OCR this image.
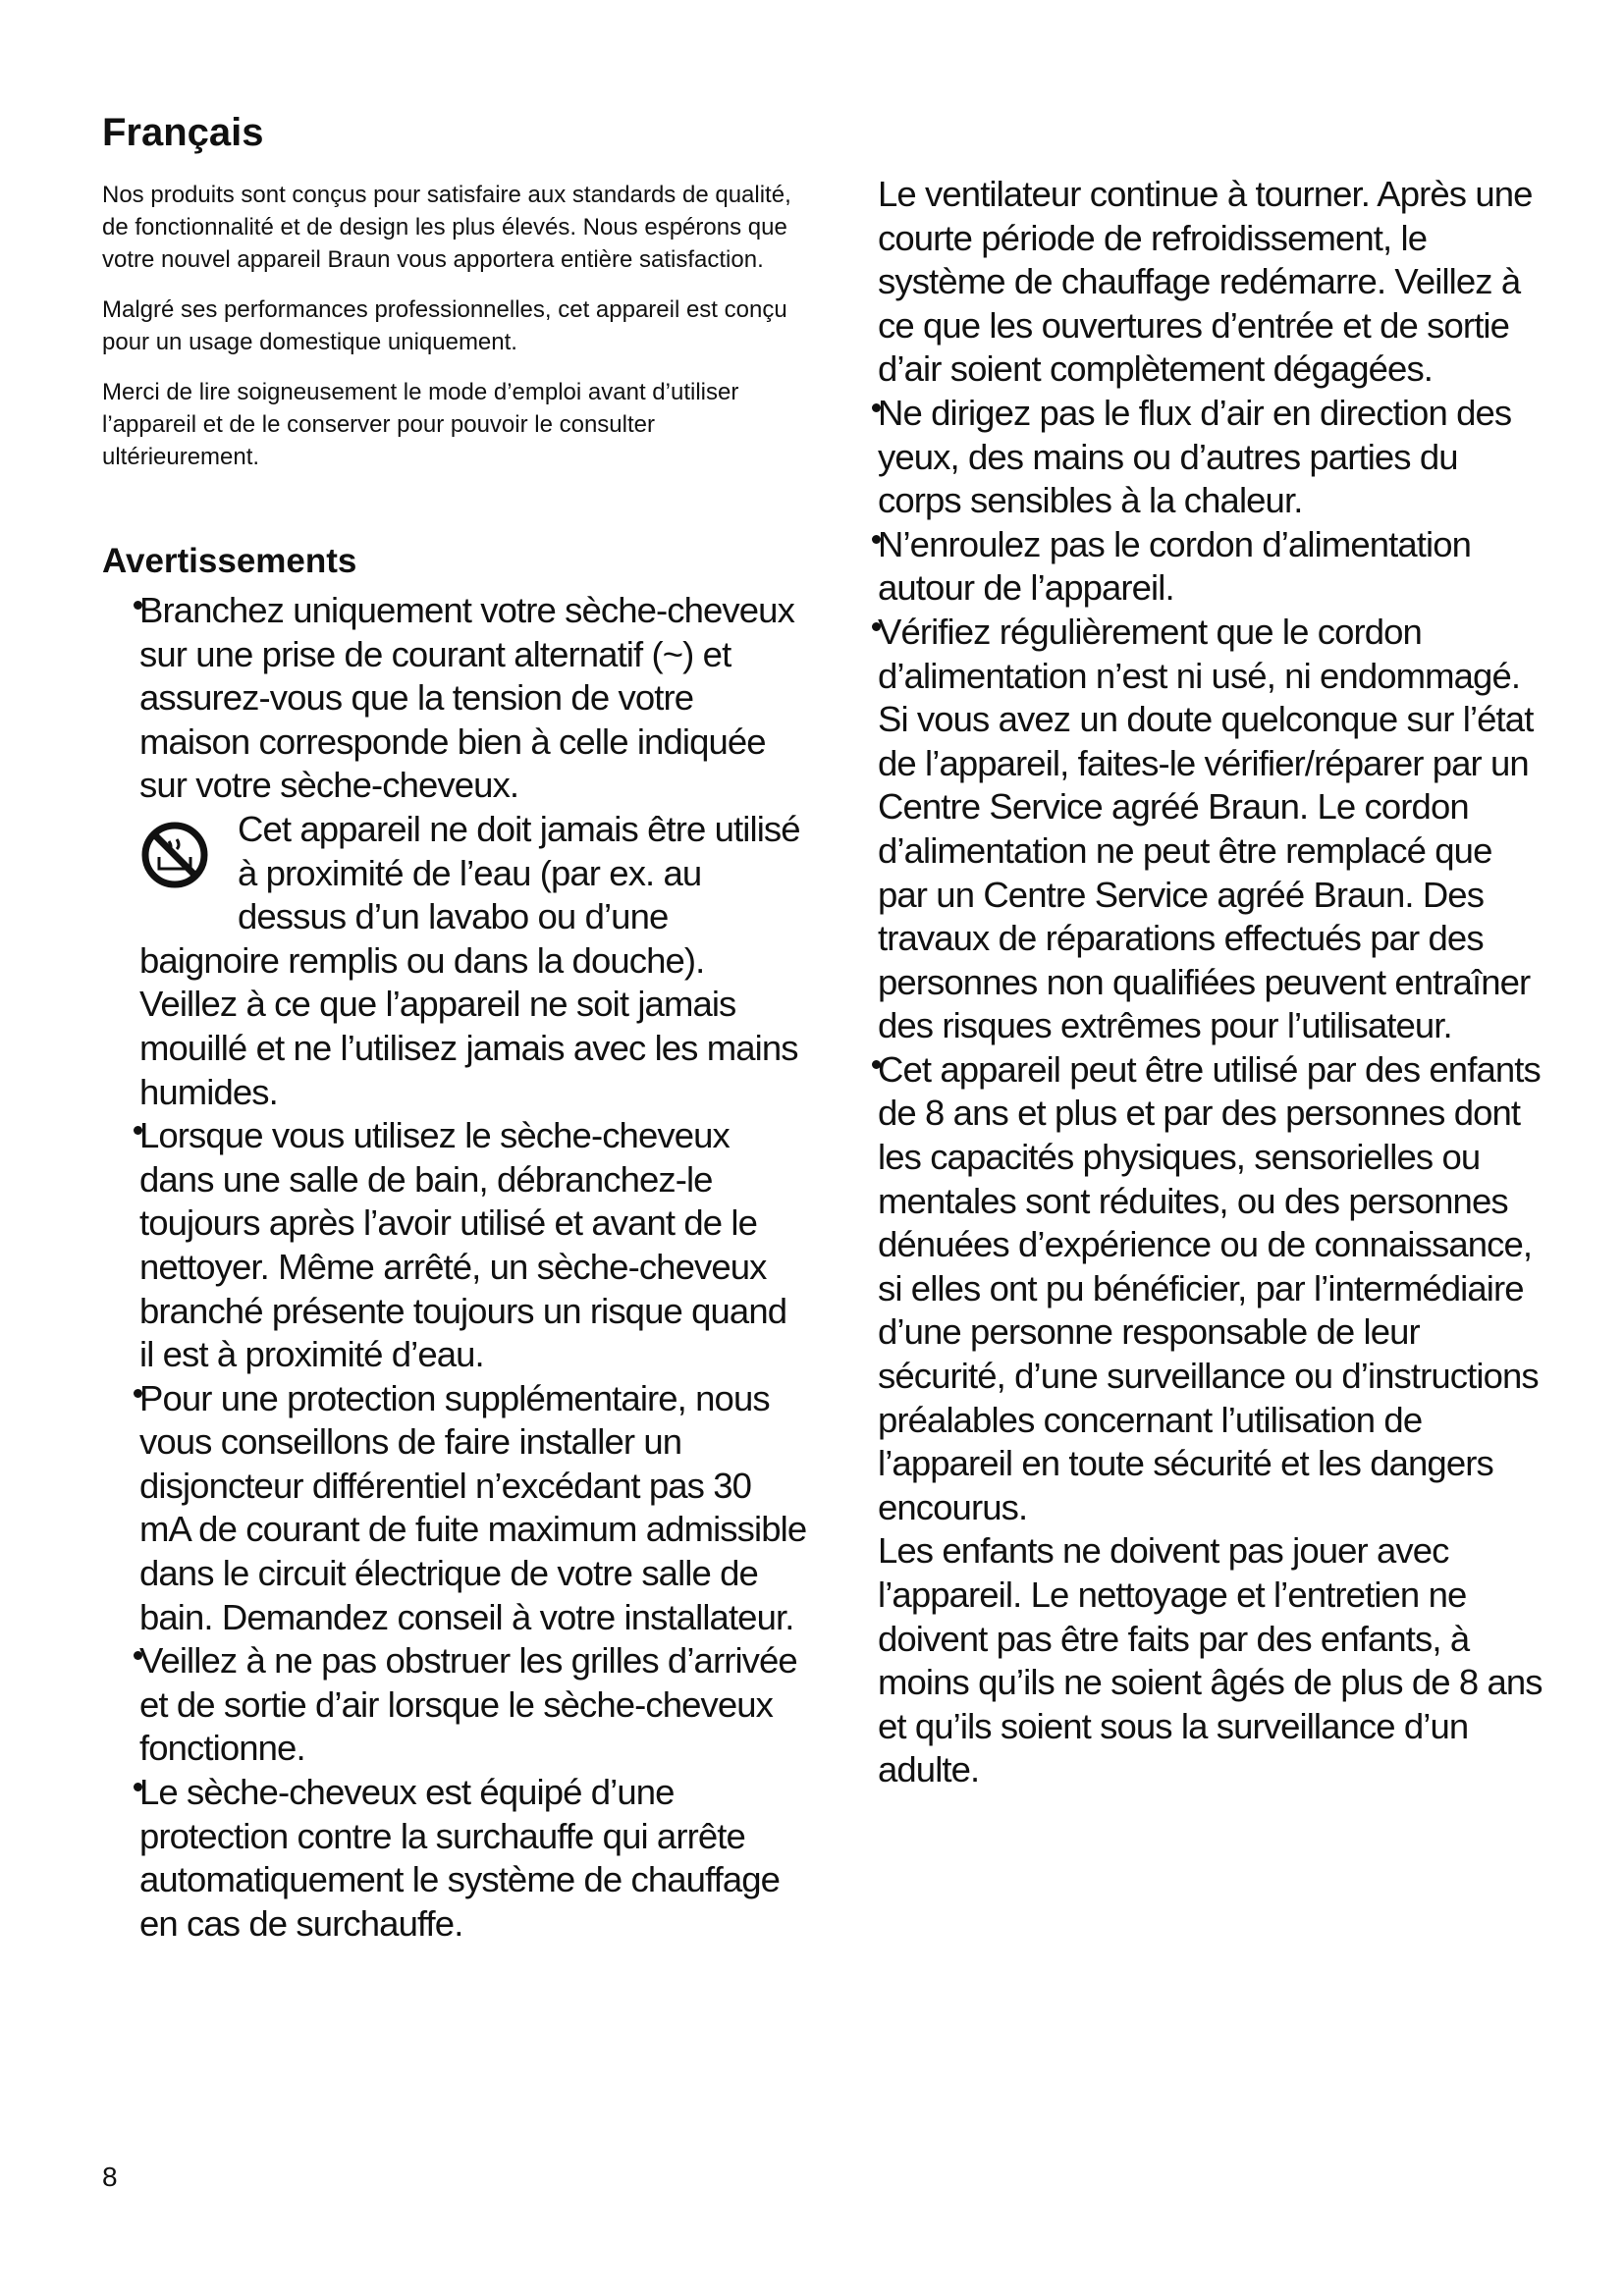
Français

Nos produits sont conçus pour satisfaire aux standards de qualité, de fonctionnalité et de design les plus élevés. Nous espérons que votre nouvel appareil Braun vous apportera entière satisfaction.

Malgré ses performances professionnelles, cet appareil est conçu pour un usage domestique uniquement.

Merci de lire soigneusement le mode d’emploi avant d’utiliser l’appareil et de le conserver pour pouvoir le consulter ultérieurement.

Avertissements

Branchez uniquement votre sèche-cheveux sur une prise de courant alternatif (~) et assurez-vous que la tension de votre maison corresponde bien à celle indiquée sur votre sèche-cheveux.

Cet appareil ne doit jamais être utilisé à proximité de l’eau (par ex. au dessus d’un lavabo ou d’une baignoire remplis ou dans la douche). Veillez à ce que l’appareil ne soit jamais mouillé et ne l’utilisez jamais avec les mains humides.

Lorsque vous utilisez le sèche-cheveux dans une salle de bain, débranchez-le toujours après l’avoir utilisé et avant de le nettoyer. Même arrêté, un sèche-cheveux branché présente toujours un risque quand il est à proximité d’eau.

Pour une protection supplémentaire, nous vous conseillons de faire installer un disjoncteur différentiel n’excédant pas 30 mA de courant de fuite maximum admissible dans le circuit électrique de votre salle de bain. Demandez conseil à votre installateur.

Veillez à ne pas obstruer les grilles d’arrivée et de sortie d’air lorsque le sèche-cheveux fonctionne.

Le sèche-cheveux est équipé d’une protection contre la surchauffe qui arrête automatiquement le système de chauffage en cas de surchauffe.

Le ventilateur continue à tourner. Après une courte période de refroidissement, le système de chauffage redémarre. Veillez à ce que les ouvertures d’entrée et de sortie d’air soient complètement dégagées.

Ne dirigez pas le flux d’air en direction des yeux, des mains ou d’autres parties du corps sensibles à la chaleur.

N’enroulez pas le cordon d’alimentation autour de l’appareil.

Vérifiez régulièrement que le cordon d’alimentation n’est ni usé, ni endommagé. Si vous avez un doute quelconque sur l’état de l’appareil, faites-le vérifier/réparer par un Centre Service agréé Braun. Le cordon d’alimentation ne peut être remplacé que par un Centre Service agréé Braun. Des travaux de réparations effectués par des personnes non qualifiées peuvent entraîner des risques extrêmes pour l’utilisateur.

Cet appareil peut être utilisé par des enfants de 8 ans et plus et par des personnes dont les capacités physiques, sensorielles ou mentales sont réduites, ou des personnes dénuées d’expérience ou de connaissance, si elles ont pu bénéficier, par l’intermédiaire d’une personne responsable de leur sécurité, d’une surveillance ou d’instructions préalables concernant l’utilisation de l’appareil en toute sécurité et les dangers encourus.

Les enfants ne doivent pas jouer avec l’appareil. Le nettoyage et l’entretien ne doivent pas être faits par des enfants, à moins qu’ils ne soient âgés de plus de 8 ans et qu’ils soient sous la surveillance d’un adulte.

8
